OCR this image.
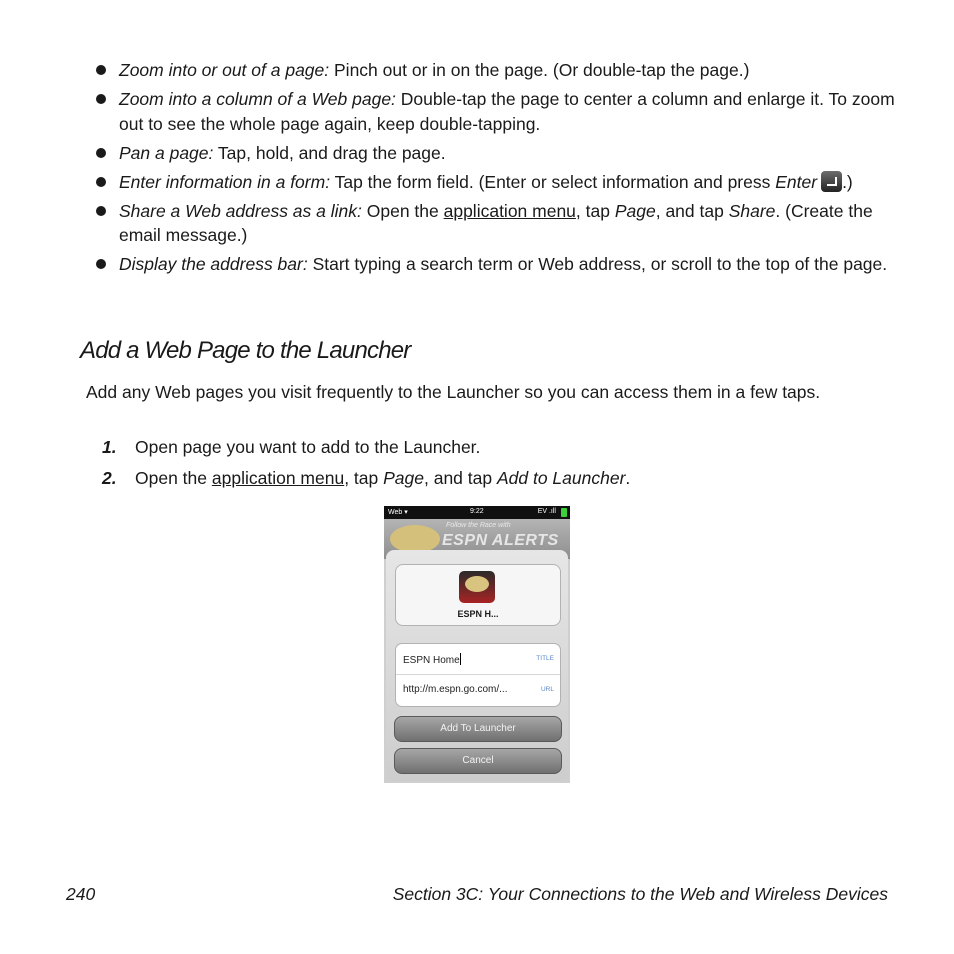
Zoom into or out of a page: Pinch out or in on the page. (Or double-tap the page.)
Zoom into a column of a Web page: Double-tap the page to center a column and enlarge it. To zoom out to see the whole page again, keep double-tapping.
Pan a page: Tap, hold, and drag the page.
Enter information in a form: Tap the form field. (Enter or select information and press Enter .)
Share a Web address as a link: Open the application menu, tap Page, and tap Share. (Create the email message.)
Display the address bar: Start typing a search term or Web address, or scroll to the top of the page.
Add a Web Page to the Launcher

Add any Web pages you visit frequently to the Launcher so you can access them in a few taps.

1. Open page you want to add to the Launcher.
2. Open the application menu, tap Page, and tap Add to Launcher.
Web ▾	9:22	EV .ıll
Follow the Race with
ESPN ALERTS
ESPN H...
ESPN Home	TITLE
http://m.espn.go.com/...	URL
Add To Launcher
Cancel
240	Section 3C: Your Connections to the Web and Wireless Devices
